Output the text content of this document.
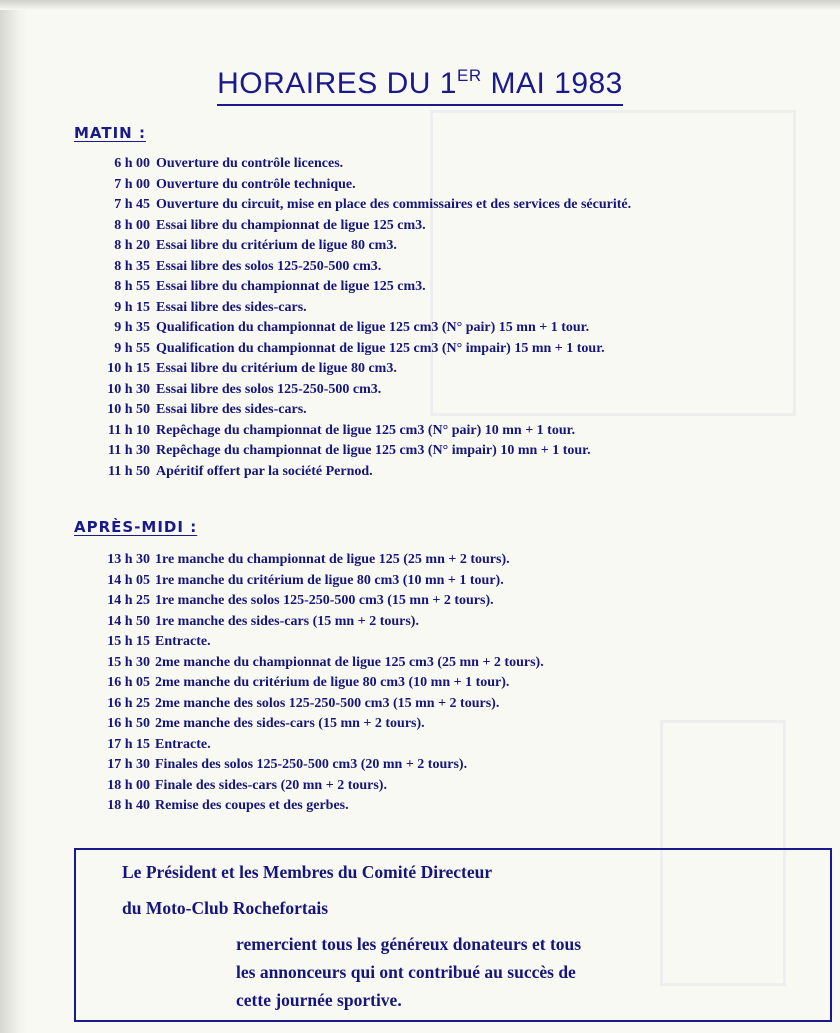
HORAIRES DU 1ER MAI 1983
MATIN :
6 h 00 Ouverture du contrôle licences.
7 h 00 Ouverture du contrôle technique.
7 h 45 Ouverture du circuit, mise en place des commissaires et des services de sécurité.
8 h 00 Essai libre du championnat de ligue 125 cm3.
8 h 20 Essai libre du critérium de ligue 80 cm3.
8 h 35 Essai libre des solos 125-250-500 cm3.
8 h 55 Essai libre du championnat de ligue 125 cm3.
9 h 15 Essai libre des sides-cars.
9 h 35 Qualification du championnat de ligue 125 cm3 (N° pair) 15 mn + 1 tour.
9 h 55 Qualification du championnat de ligue 125 cm3 (N° impair) 15 mn + 1 tour.
10 h 15 Essai libre du critérium de ligue 80 cm3.
10 h 30 Essai libre des solos 125-250-500 cm3.
10 h 50 Essai libre des sides-cars.
11 h 10 Repêchage du championnat de ligue 125 cm3 (N° pair) 10 mn + 1 tour.
11 h 30 Repêchage du championnat de ligue 125 cm3 (N° impair) 10 mn + 1 tour.
11 h 50 Apéritif offert par la société Pernod.
APRÈS-MIDI :
13 h 30 1re manche du championnat de ligue 125 (25 mn + 2 tours).
14 h 05 1re manche du critérium de ligue 80 cm3 (10 mn + 1 tour).
14 h 25 1re manche des solos 125-250-500 cm3 (15 mn + 2 tours).
14 h 50 1re manche des sides-cars (15 mn + 2 tours).
15 h 15 Entracte.
15 h 30 2me manche du championnat de ligue 125 cm3 (25 mn + 2 tours).
16 h 05 2me manche du critérium de ligue 80 cm3 (10 mn + 1 tour).
16 h 25 2me manche des solos 125-250-500 cm3 (15 mn + 2 tours).
16 h 50 2me manche des sides-cars (15 mn + 2 tours).
17 h 15 Entracte.
17 h 30 Finales des solos 125-250-500 cm3 (20 mn + 2 tours).
18 h 00 Finale des sides-cars (20 mn + 2 tours).
18 h 40 Remise des coupes et des gerbes.
Le Président et les Membres du Comité Directeur
du Moto-Club Rochefortais
remercient tous les généreux donateurs et tous
les annonceurs qui ont contribué au succès de
cette journée sportive.
